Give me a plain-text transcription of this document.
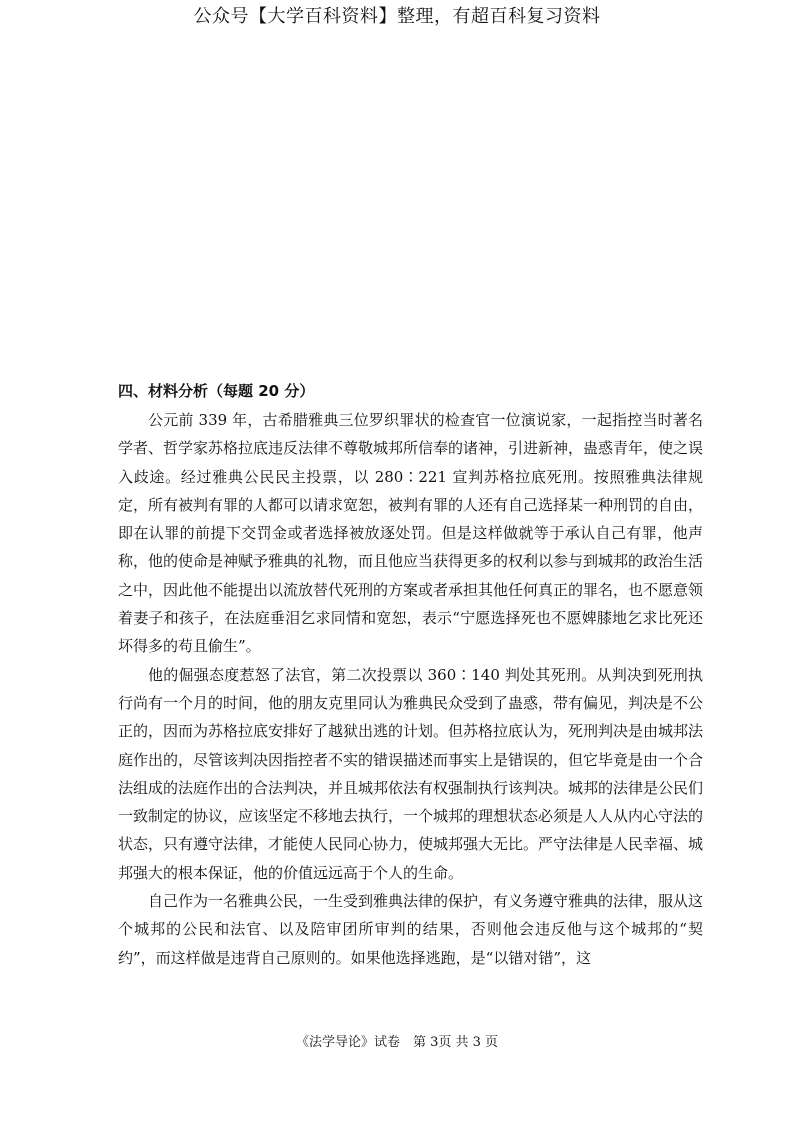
公众号【大学百科资料】整理，有超百科复习资料
四、材料分析（每题 20 分）

公元前 339 年，古希腊雅典三位罗织罪状的检查官一位演说家，一起指控当时著名学者、哲学家苏格拉底违反法律不尊敬城邦所信奉的诸神，引进新神，蛊惑青年，使之误入歧途。经过雅典公民民主投票，以 280∶221 宣判苏格拉底死刑。按照雅典法律规定，所有被判有罪的人都可以请求宽恕，被判有罪的人还有自己选择某一种刑罚的自由，即在认罪的前提下交罚金或者选择被放逐处罚。但是这样做就等于承认自己有罪，他声称，他的使命是神赋予雅典的礼物，而且他应当获得更多的权利以参与到城邦的政治生活之中，因此他不能提出以流放替代死刑的方案或者承担其他任何真正的罪名，也不愿意领着妻子和孩子，在法庭垂泪乞求同情和宽恕，表示“宁愿选择死也不愿婢膝地乞求比死还坏得多的苟且偷生”。

他的倔强态度惹怒了法官，第二次投票以 360∶140 判处其死刑。从判决到死刑执行尚有一个月的时间，他的朋友克里同认为雅典民众受到了蛊惑，带有偏见，判决是不公正的，因而为苏格拉底安排好了越狱出逃的计划。但苏格拉底认为，死刑判决是由城邦法庭作出的，尽管该判决因指控者不实的错误描述而事实上是错误的，但它毕竟是由一个合法组成的法庭作出的合法判决，并且城邦依法有权强制执行该判决。城邦的法律是公民们一致制定的协议，应该坚定不移地去执行，一个城邦的理想状态必须是人人从内心守法的状态，只有遵守法律，才能使人民同心协力，使城邦强大无比。严守法律是人民幸福、城邦强大的根本保证，他的价值远远高于个人的生命。

自己作为一名雅典公民，一生受到雅典法律的保护，有义务遵守雅典的法律，服从这个城邦的公民和法官、以及陪审团所审判的结果，否则他会违反他与这个城邦的“契约”，而这样做是违背自己原则的。如果他选择逃跑，是“以错对错”，这

《法学导论》试卷　第 3页 共 3 页
